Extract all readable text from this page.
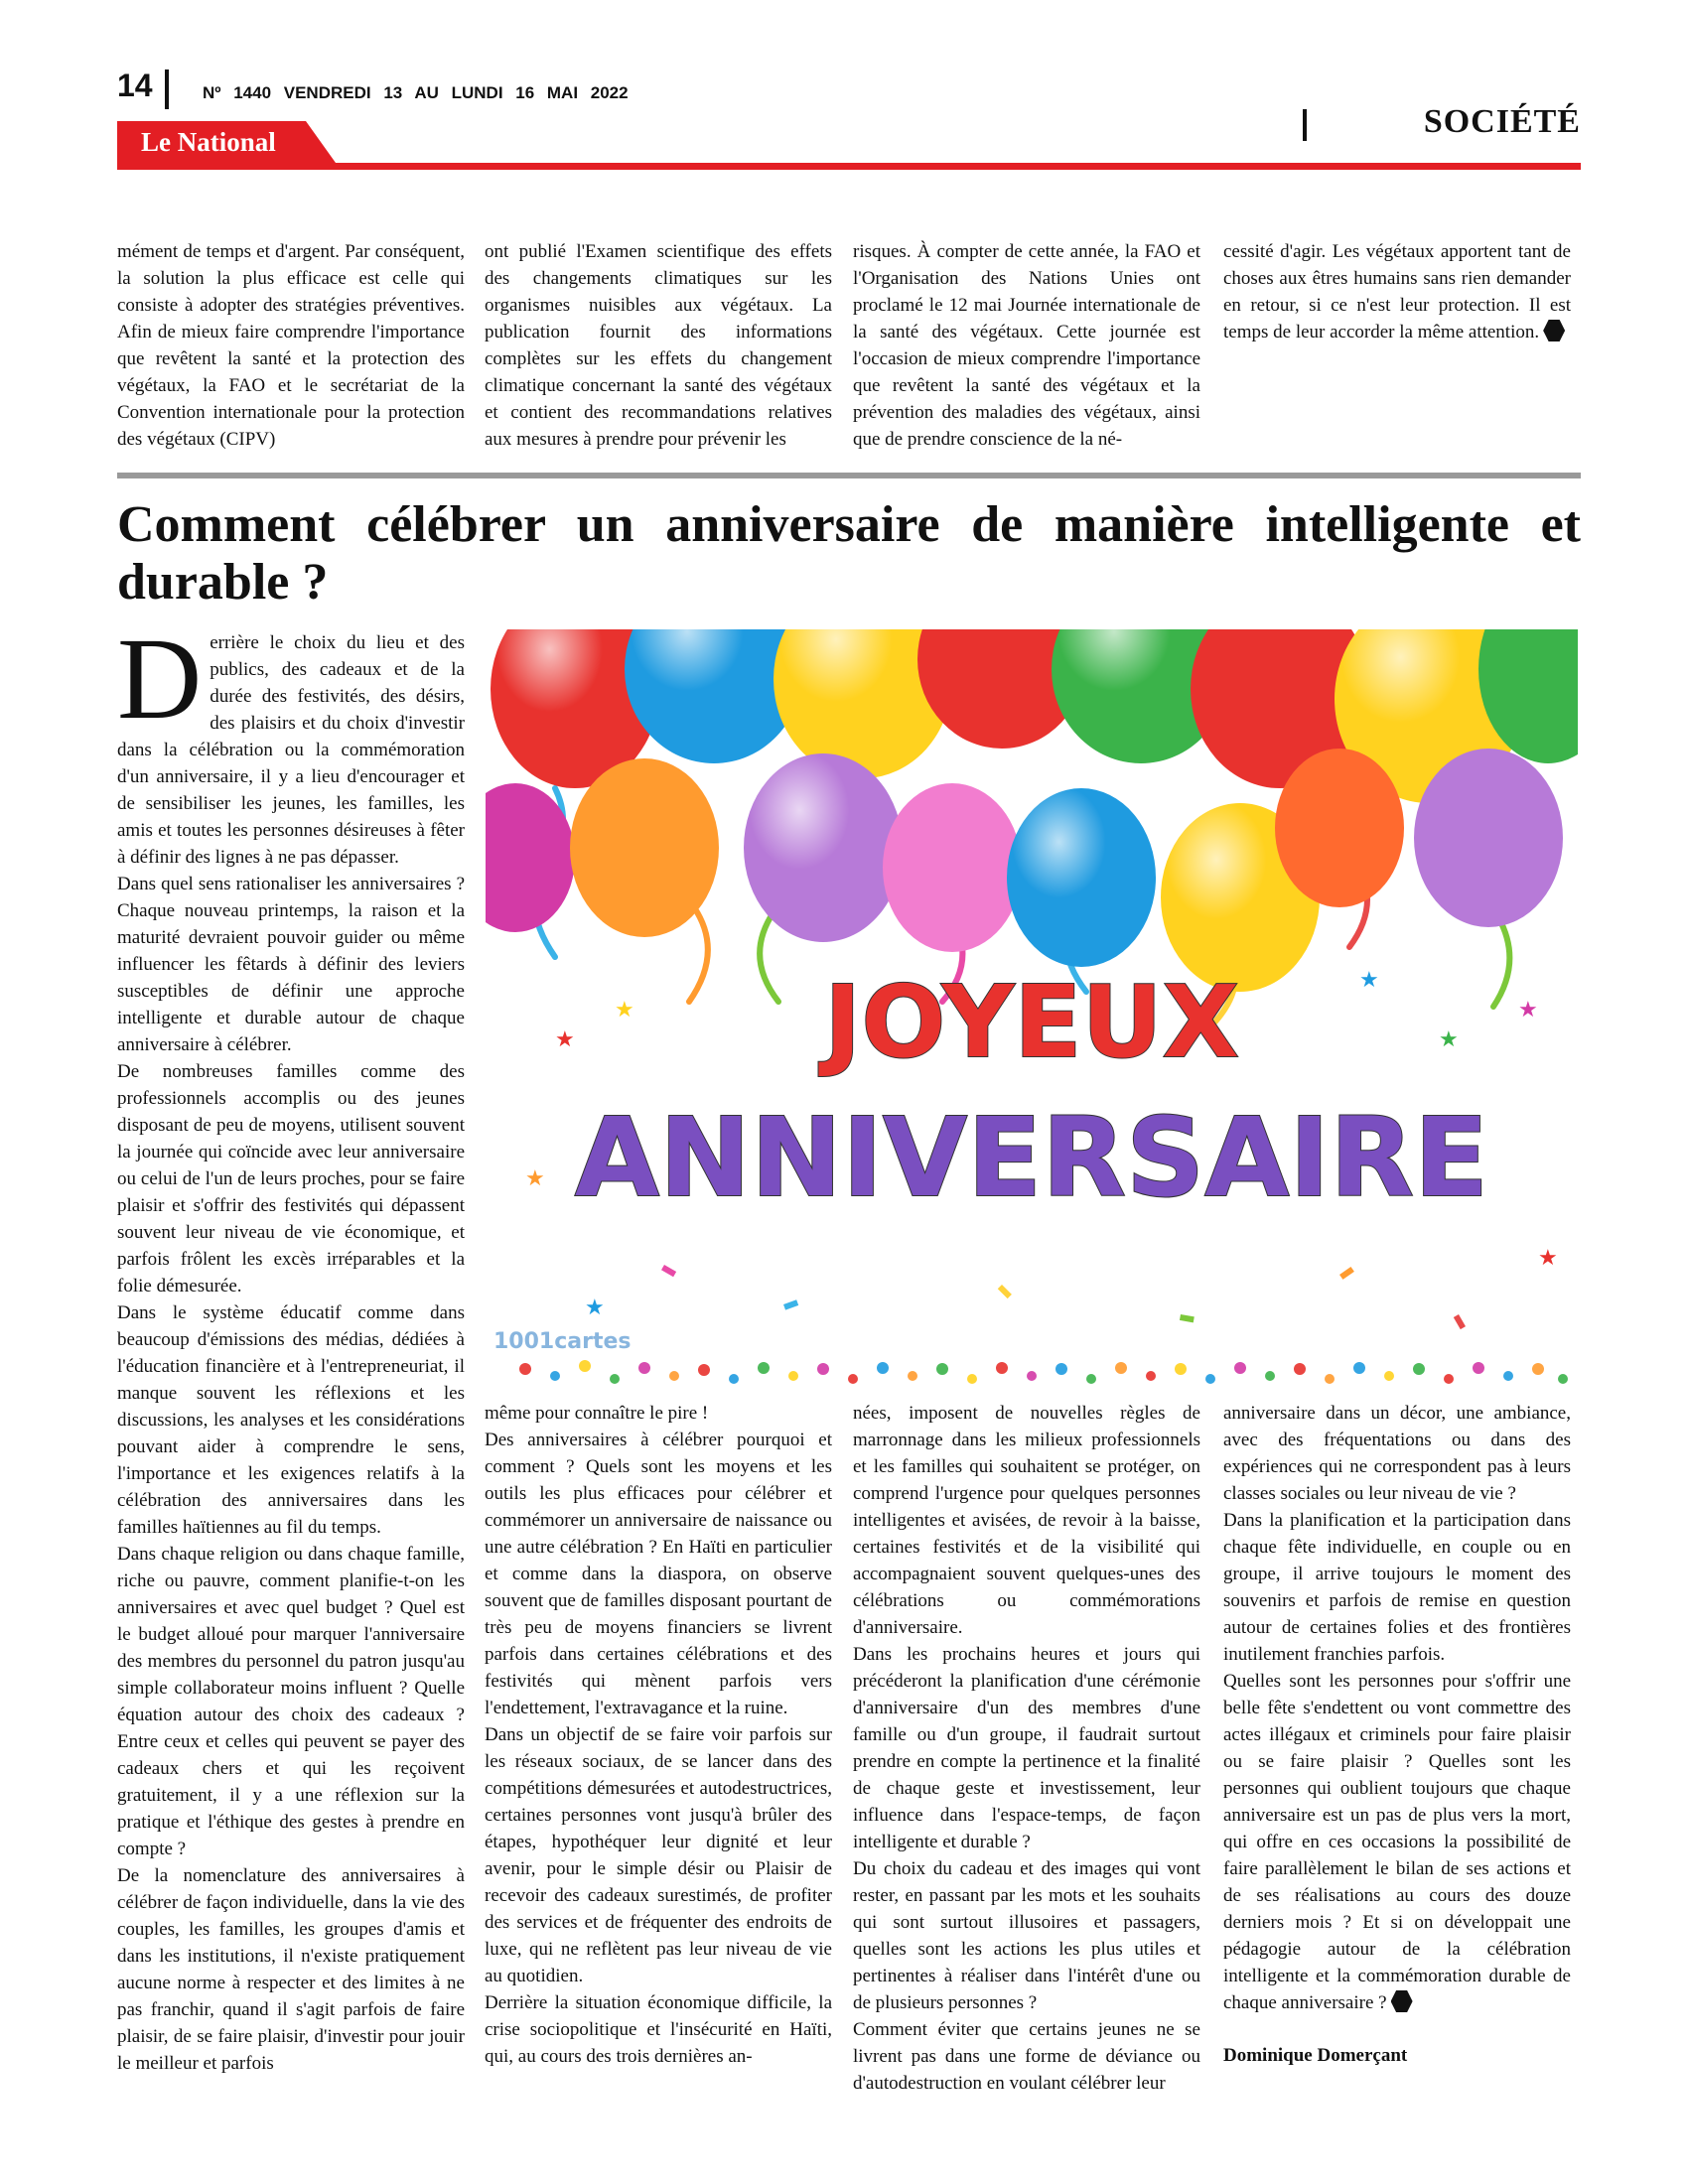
14	Nº 1440 VENDREDI 13 AU LUNDI 16 MAI 2022
Le National
SOCIÉTÉ

mément de temps et d'argent. Par conséquent, la solution la plus efficace est celle qui consiste à adopter des stratégies préventives. Afin de mieux faire comprendre l'importance que revêtent la santé et la protection des végétaux, la FAO et le secrétariat de la Convention internationale pour la protection des végétaux (CIPV)

ont publié l'Examen scientifique des effets des changements climatiques sur les organismes nuisibles aux végétaux. La publication fournit des informations complètes sur les effets du changement climatique concernant la santé des végétaux et contient des recommandations relatives aux mesures à prendre pour prévenir les

risques. À compter de cette année, la FAO et l'Organisation des Nations Unies ont proclamé le 12 mai Journée internationale de la santé des végétaux. Cette journée est l'occasion de mieux comprendre l'importance que revêtent la santé des végétaux et la prévention des maladies des végétaux, ainsi que de prendre conscience de la né-

cessité d'agir. Les végétaux apportent tant de choses aux êtres humains sans rien demander en retour, si ce n'est leur protection. Il est temps de leur accorder la même attention.

Comment célébrer un anniversaire de manière intelligente et durable ?

Derrière le choix du lieu et des publics, des cadeaux et de la durée des festivités, des désirs, des plaisirs et du choix d'investir dans la célébration ou la commémoration d'un anniversaire, il y a lieu d'encourager et de sensibiliser les jeunes, les familles, les amis et toutes les personnes désireuses à fêter à définir des lignes à ne pas dépasser.

Dans quel sens rationaliser les anniversaires ? Chaque nouveau printemps, la raison et la maturité devraient pouvoir guider ou même influencer les fêtards à définir des leviers susceptibles de définir une approche intelligente et durable autour de chaque anniversaire à célébrer.

De nombreuses familles comme des professionnels accomplis ou des jeunes disposant de peu de moyens, utilisent souvent la journée qui coïncide avec leur anniversaire ou celui de l'un de leurs proches, pour se faire plaisir et s'offrir des festivités qui dépassent souvent leur niveau de vie économique, et parfois frôlent les excès irréparables et la folie démesurée.

Dans le système éducatif comme dans beaucoup d'émissions des médias, dédiées à l'éducation financière et à l'entrepreneuriat, il manque souvent les réflexions et les discussions, les analyses et les considérations pouvant aider à comprendre le sens, l'importance et les exigences relatifs à la célébration des anniversaires dans les familles haïtiennes au fil du temps.

Dans chaque religion ou dans chaque famille, riche ou pauvre, comment planifie-t-on les anniversaires et avec quel budget ? Quel est le budget alloué pour marquer l'anniversaire des membres du personnel du patron jusqu'au simple collaborateur moins influent ? Quelle équation autour des choix des cadeaux ? Entre ceux et celles qui peuvent se payer des cadeaux chers et qui les reçoivent gratuitement, il y a une réflexion sur la pratique et l'éthique des gestes à prendre en compte ?

De la nomenclature des anniversaires à célébrer de façon individuelle, dans la vie des couples, les familles, les groupes d'amis et dans les institutions, il n'existe pratiquement aucune norme à respecter et des limites à ne pas franchir, quand il s'agit parfois de faire plaisir, de se faire plaisir, d'investir pour jouir le meilleur et parfois

★
★
★
★
★
★
★
★
JOYEUX
ANNIVERSAIRE
1001cartes

même pour connaître le pire !

Des anniversaires à célébrer pourquoi et comment ? Quels sont les moyens et les outils les plus efficaces pour célébrer et commémorer un anniversaire de naissance ou une autre célébration ? En Haïti en particulier et comme dans la diaspora, on observe souvent que de familles disposant pourtant de très peu de moyens financiers se livrent parfois dans certaines célébrations et des festivités qui mènent parfois vers l'endettement, l'extravagance et la ruine.

Dans un objectif de se faire voir parfois sur les réseaux sociaux, de se lancer dans des compétitions démesurées et autodestructrices, certaines personnes vont jusqu'à brûler des étapes, hypothéquer leur dignité et leur avenir, pour le simple désir ou Plaisir de recevoir des cadeaux surestimés, de profiter des services et de fréquenter des endroits de luxe, qui ne reflètent pas leur niveau de vie au quotidien.

Derrière la situation économique difficile, la crise sociopolitique et l'insécurité en Haïti, qui, au cours des trois dernières an-

nées, imposent de nouvelles règles de marronnage dans les milieux professionnels et les familles qui souhaitent se protéger, on comprend l'urgence pour quelques personnes intelligentes et avisées, de revoir à la baisse, certaines festivités et de la visibilité qui accompagnaient souvent quelques-unes des célébrations ou commémorations d'anniversaire.

Dans les prochains heures et jours qui précéderont la planification d'une cérémonie d'anniversaire d'un des membres d'une famille ou d'un groupe, il faudrait surtout prendre en compte la pertinence et la finalité de chaque geste et investissement, leur influence dans l'espace-temps, de façon intelligente et durable ?

Du choix du cadeau et des images qui vont rester, en passant par les mots et les souhaits qui sont surtout illusoires et passagers, quelles sont les actions les plus utiles et pertinentes à réaliser dans l'intérêt d'une ou de plusieurs personnes ?

Comment éviter que certains jeunes ne se livrent pas dans une forme de déviance ou d'autodestruction en voulant célébrer leur

anniversaire dans un décor, une ambiance, avec des fréquentations ou dans des expériences qui ne correspondent pas à leurs classes sociales ou leur niveau de vie ?

Dans la planification et la participation dans chaque fête individuelle, en couple ou en groupe, il arrive toujours le moment des souvenirs et parfois de remise en question autour de certaines folies et des frontières inutilement franchies parfois.

Quelles sont les personnes pour s'offrir une belle fête s'endettent ou vont commettre des actes illégaux et criminels pour faire plaisir ou se faire plaisir ? Quelles sont les personnes qui oublient toujours que chaque anniversaire est un pas de plus vers la mort, qui offre en ces occasions la possibilité de faire parallèlement le bilan de ses actions et de ses réalisations au cours des douze derniers mois ? Et si on développait une pédagogie autour de la célébration intelligente et la commémoration durable de chaque anniversaire ?

Dominique Domerçant
